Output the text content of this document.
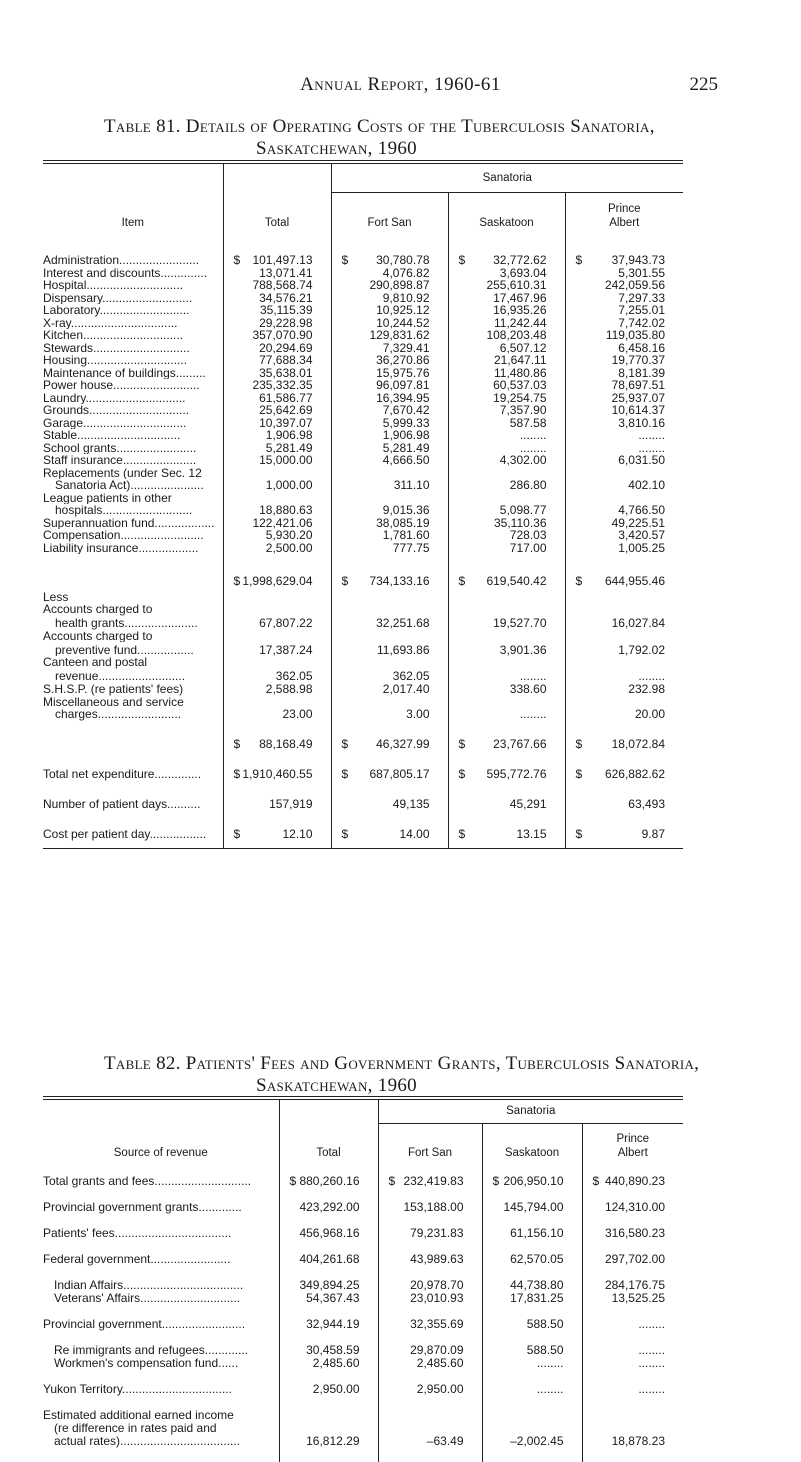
Annual Report, 1960-61	225
Table 81. Details of Operating Costs of the Tuberculosis Sanatoria,
Saskatchewan, 1960
		Sanatoria		
Item	Total	Fort San	Saskatoon	Prince Albert

Administration........................	$ 101,497.13	$ 30,780.78	$ 32,772.62	$ 37,943.73
Interest and discounts..............	13,071.41	4,076.82	3,693.04	5,301.55
Hospital.............................	788,568.74	290,898.87	255,610.31	242,059.56
Dispensary...........................	34,576.21	9,810.92	17,467.96	7,297.33
Laboratory...........................	35,115.39	10,925.12	16,935.26	7,255.01
X-ray................................	29,228.98	10,244.52	11,242.44	7,742.02
Kitchen..............................	357,070.90	129,831.62	108,203.48	119,035.80
Stewards.............................	20,294.69	7,329.41	6,507.12	6,458.16
Housing..............................	77,688.34	36,270.86	21,647.11	19,770.37
Maintenance of buildings.........	35,638.01	15,975.76	11,480.86	8,181.39
Power house..........................	235,332.35	96,097.81	60,537.03	78,697.51
Laundry..............................	61,586.77	16,394.95	19,254.75	25,937.07
Grounds..............................	25,642.69	7,670.42	7,357.90	10,614.37
Garage...............................	10,397.07	5,999.33	587.58	3,810.16
Stable...............................	1,906.98	1,906.98	........	........
School grants........................	5,281.49	5,281.49	........	........
Staff insurance......................	15,000.00	4,666.50	4,302.00	6,031.50
Replacements (under Sec. 12				
Sanatoria Act)......................	1,000.00	311.10	286.80	402.10
League patients in other				
hospitals...........................	18,880.63	9,015.36	5,098.77	4,766.50
Superannuation fund..................	122,421.06	38,085.19	35,110.36	49,225.51
Compensation.........................	5,930.20	1,781.60	728.03	3,420.57
Liability insurance..................	2,500.00	777.75	717.00	1,005.25

	$ 1,998,629.04	$ 734,133.16	$ 619,540.42	$ 644,955.46
Less				
Accounts charged to				
health grants......................	67,807.22	32,251.68	19,527.70	16,027.84
Accounts charged to				
preventive fund.................	17,387.24	11,693.86	3,901.36	1,792.02
Canteen and postal				
revenue..........................	362.05	362.05	........	........
S.H.S.P. (re patients' fees)	2,588.98	2,017.40	338.60	232.98
Miscellaneous and service				
charges.........................	23.00	3.00	........	20.00

	$ 88,168.49	$ 46,327.99	$ 23,767.66	$ 18,072.84
Total net expenditure..............	$ 1,910,460.55	$ 687,805.17	$ 595,772.76	$ 626,882.62
Number of patient days..........	157,919	49,135	45,291	63,493
Cost per patient day.................	$ 12.10	$ 14.00	$ 13.15	$ 9.87

Table 82. Patients' Fees and Government Grants, Tuberculosis Sanatoria,
Saskatchewan, 1960
		Sanatoria		
Source of revenue	Total	Fort San	Saskatoon	Prince Albert

Total grants and fees.............................	$ 880,260.16	$ 232,419.83	$ 206,950.10	$ 440,890.23
Provincial government grants.............	423,292.00	153,188.00	145,794.00	124,310.00
Patients' fees...................................	456,968.16	79,231.83	61,156.10	316,580.23
Federal government........................	404,261.68	43,989.63	62,570.05	297,702.00
Indian Affairs....................................	349,894.25	20,978.70	44,738.80	284,176.75
Veterans' Affairs..............................	54,367.43	23,010.93	17,831.25	13,525.25
Provincial government.........................	32,944.19	32,355.69	588.50	........
Re immigrants and refugees.............	30,458.59	29,870.09	588.50	........
Workmen's compensation fund......	2,485.60	2,485.60	........	........
Yukon Territory.................................	2,950.00	2,950.00	........	........
Estimated additional earned income				
(re difference in rates paid and				
actual rates)....................................	16,812.29	–63.49	–2,002.45	18,878.23
